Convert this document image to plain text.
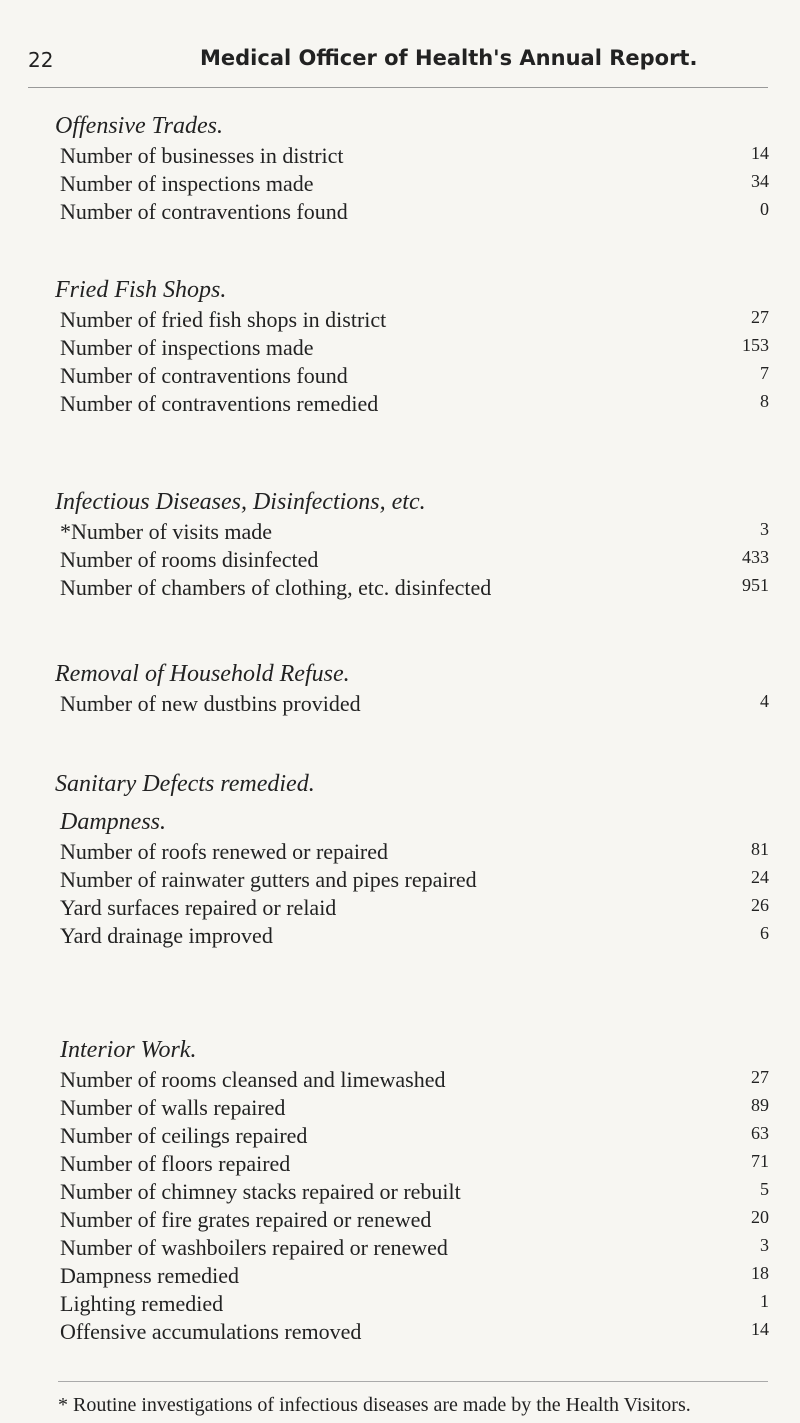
22	Medical Officer of Health's Annual Report.
Offensive Trades.
Number of businesses in district	14
Number of inspections made	34
Number of contraventions found	0
Fried Fish Shops.
Number of fried fish shops in district	27
Number of inspections made	153
Number of contraventions found	7
Number of contraventions remedied	8
Infectious Diseases, Disinfections, etc.
*Number of visits made	3
Number of rooms disinfected	433
Number of chambers of clothing, etc. disinfected	951
Removal of Household Refuse.
Number of new dustbins provided	4
Sanitary Defects remedied.
Dampness.
Number of roofs renewed or repaired	81
Number of rainwater gutters and pipes repaired	24
Yard surfaces repaired or relaid	26
Yard drainage improved	6
Interior Work.
Number of rooms cleansed and limewashed	27
Number of walls repaired	89
Number of ceilings repaired	63
Number of floors repaired	71
Number of chimney stacks repaired or rebuilt	5
Number of fire grates repaired or renewed	20
Number of washboilers repaired or renewed	3
Dampness remedied	18
Lighting remedied	1
Offensive accumulations removed	14
* Routine investigations of infectious diseases are made by the Health Visitors.
